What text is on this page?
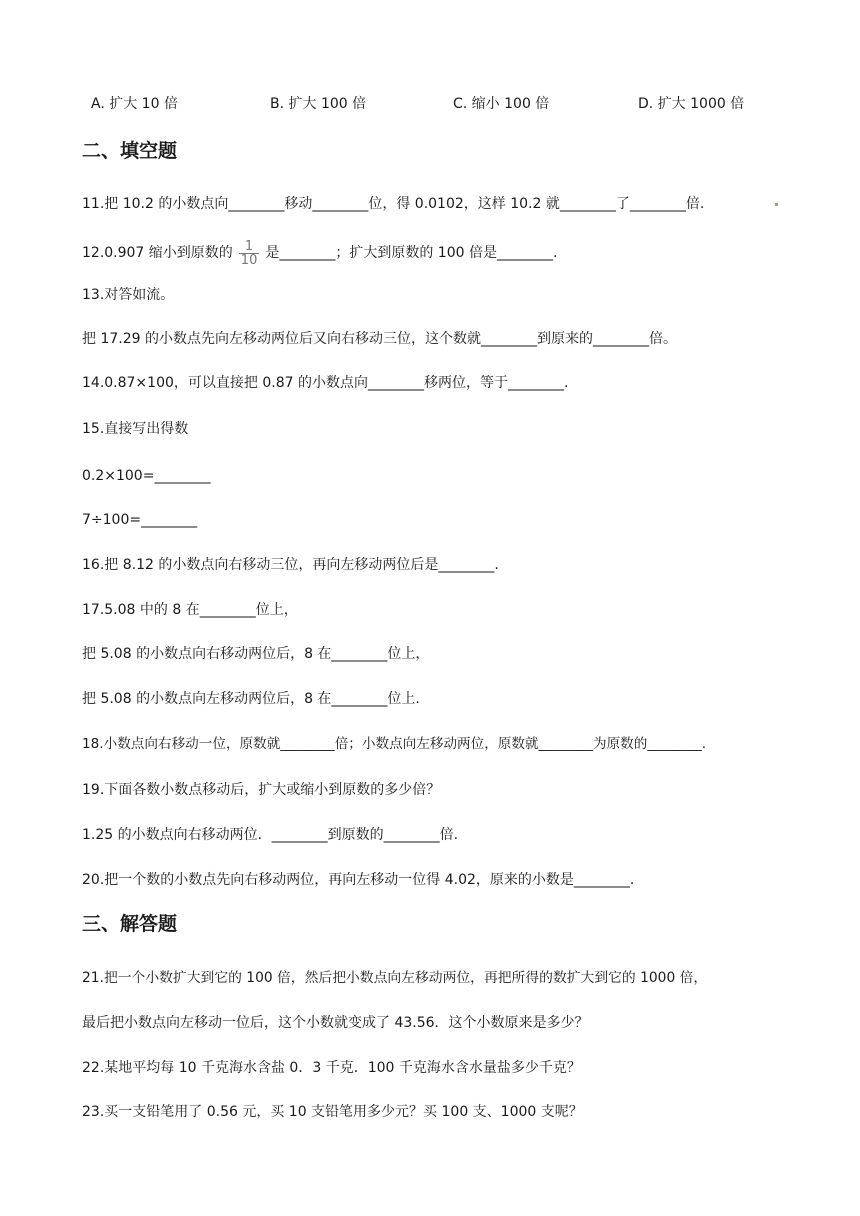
A. 扩大 10 倍	B. 扩大 100 倍	C. 缩小 100 倍	D. 扩大 1000 倍
二、填空题
11.把 10.2 的小数点向________移动________位，得 0.0102，这样 10.2 就________了________倍.
12.0.907 缩小到原数的 $\frac{1}{10}$ 是________；扩大到原数的 100 倍是________.
13.对答如流。
把 17.29 的小数点先向左移动两位后又向右移动三位，这个数就________到原来的________倍。
14.0.87×100，可以直接把 0.87 的小数点向________移两位，等于________.
15.直接写出得数
0.2×100=________
7÷100=________
16.把 8.12 的小数点向右移动三位，再向左移动两位后是________.
17.5.08 中的 8 在________位上，
把 5.08 的小数点向右移动两位后，8 在________位上，
把 5.08 的小数点向左移动两位后，8 在________位上.
18.小数点向右移动一位，原数就________倍；小数点向左移动两位，原数就________为原数的________.
19.下面各数小数点移动后，扩大或缩小到原数的多少倍？
1.25 的小数点向右移动两位．________到原数的________倍.
20.把一个数的小数点先向右移动两位，再向左移动一位得 4.02，原来的小数是________.
三、解答题
21.把一个小数扩大到它的 100 倍，然后把小数点向左移动两位，再把所得的数扩大到它的 1000 倍，
最后把小数点向左移动一位后，这个小数就变成了 43.56．这个小数原来是多少？
22.某地平均每 10 千克海水含盐 0．3 千克．100 千克海水含水量盐多少千克？
23.买一支铅笔用了 0.56 元，买 10 支铅笔用多少元？买 100 支、1000 支呢？
